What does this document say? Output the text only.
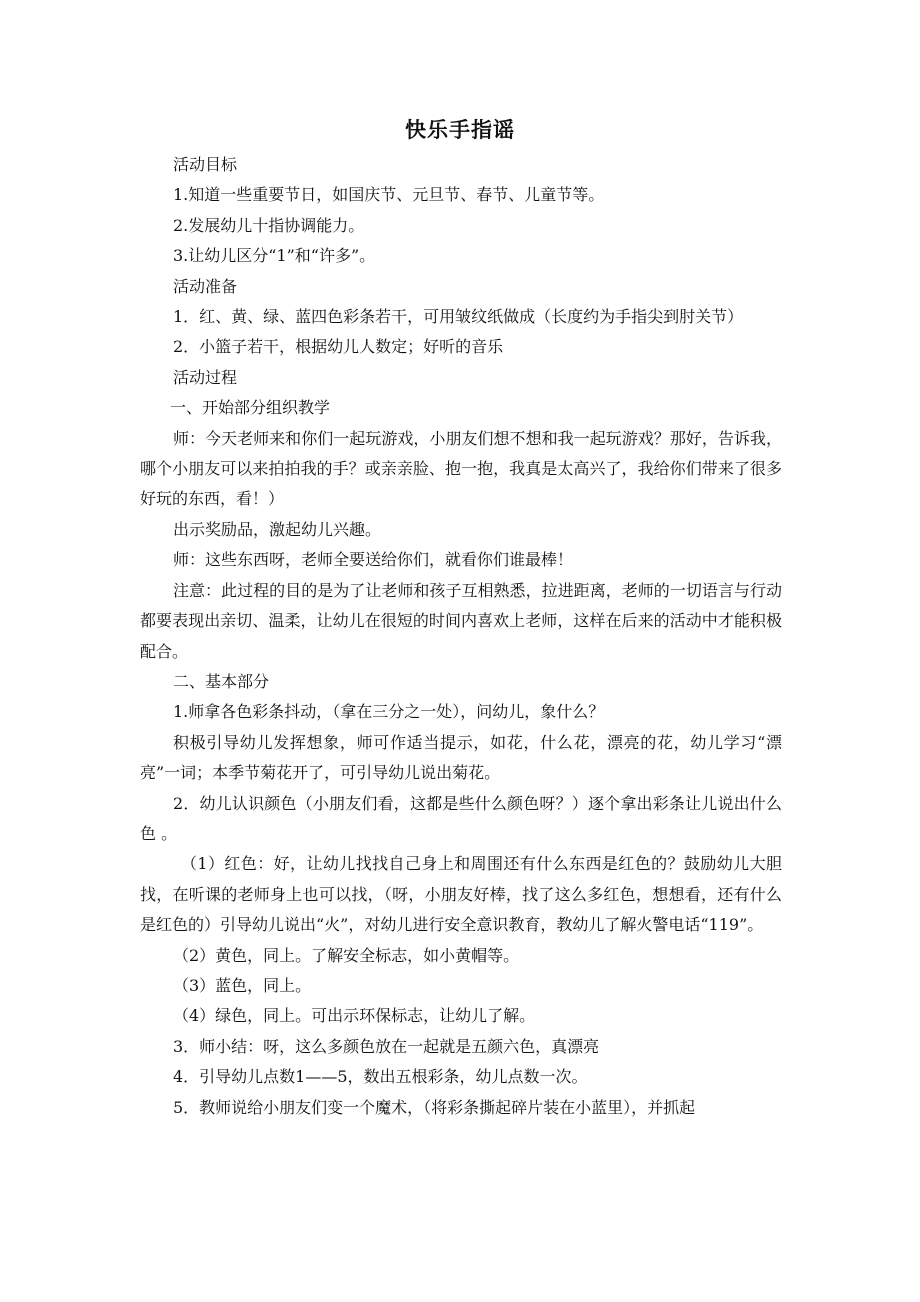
快乐手指谣

活动目标

1.知道一些重要节日，如国庆节、元旦节、春节、儿童节等。

2.发展幼儿十指协调能力。

3.让幼儿区分“1”和“许多”。

活动准备

1．红、黄、绿、蓝四色彩条若干，可用皱纹纸做成（长度约为手指尖到肘关节）

2．小篮子若干，根据幼儿人数定；好听的音乐

活动过程

一、开始部分组织教学

师：今天老师来和你们一起玩游戏，小朋友们想不想和我一起玩游戏？那好，告诉我，哪个小朋友可以来拍拍我的手？或亲亲脸、抱一抱，我真是太高兴了，我给你们带来了很多好玩的东西，看！）

出示奖励品，激起幼儿兴趣。

师：这些东西呀，老师全要送给你们，就看你们谁最棒！

注意：此过程的目的是为了让老师和孩子互相熟悉，拉进距离，老师的一切语言与行动都要表现出亲切、温柔，让幼儿在很短的时间内喜欢上老师，这样在后来的活动中才能积极配合。

二、基本部分

1.师拿各色彩条抖动，（拿在三分之一处），问幼儿，象什么？

积极引导幼儿发挥想象，师可作适当提示，如花，什么花，漂亮的花，幼儿学习“漂亮”一词；本季节菊花开了，可引导幼儿说出菊花。

2．幼儿认识颜色（小朋友们看，这都是些什么颜色呀？）逐个拿出彩条让儿说出什么色 。

（1）红色：好，让幼儿找找自己身上和周围还有什么东西是红色的？鼓励幼儿大胆找，在听课的老师身上也可以找，（呀，小朋友好棒，找了这么多红色，想想看，还有什么是红色的）引导幼儿说出“火”，对幼儿进行安全意识教育，教幼儿了解火警电话“119”。

（2）黄色，同上。了解安全标志，如小黄帽等。

（3）蓝色，同上。

（4）绿色，同上。可出示环保标志，让幼儿了解。

3．师小结：呀，这么多颜色放在一起就是五颜六色，真漂亮

4．引导幼儿点数1——5，数出五根彩条，幼儿点数一次。

5．教师说给小朋友们变一个魔术，（将彩条撕起碎片装在小蓝里），并抓起
